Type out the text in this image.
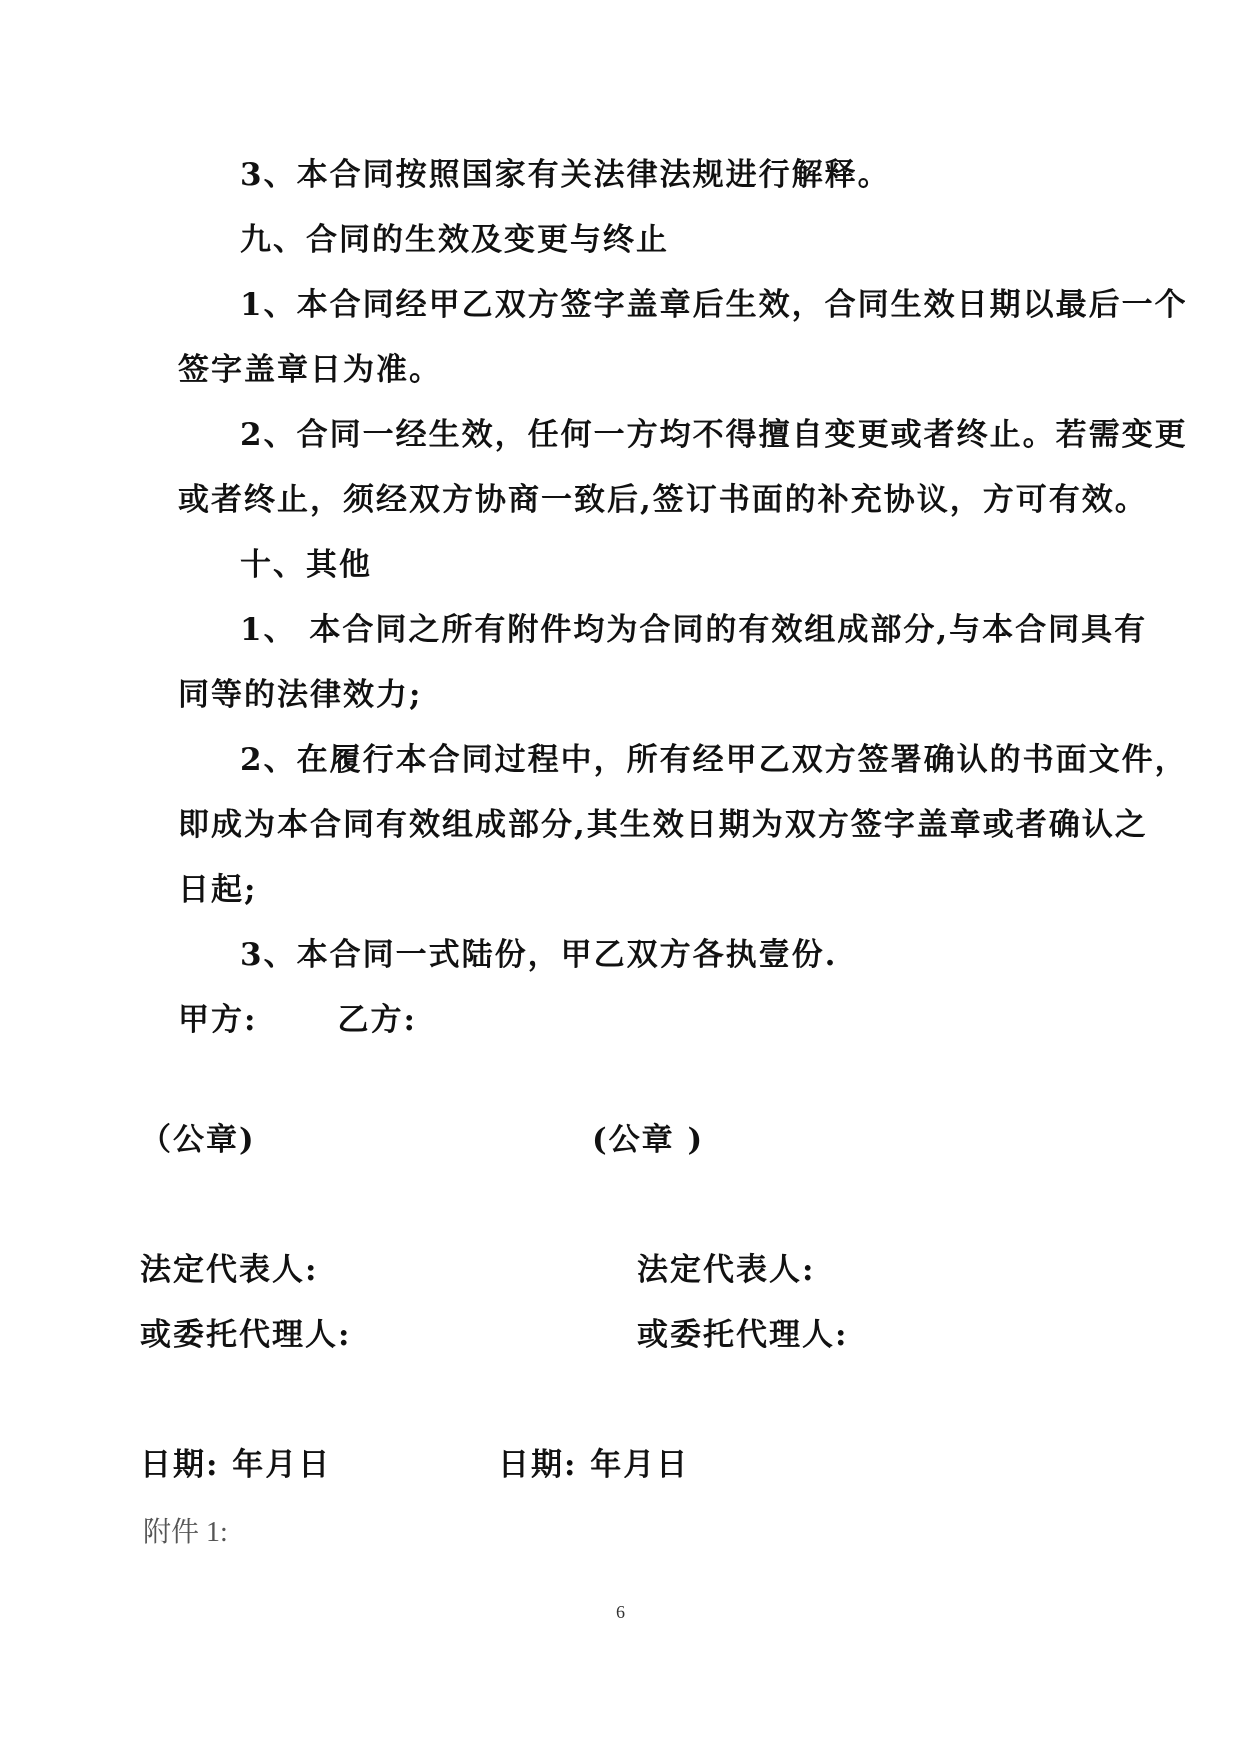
3、本合同按照国家有关法律法规进行解释。
九、合同的生效及变更与终止
1、本合同经甲乙双方签字盖章后生效，合同生效日期以最后一个
签字盖章日为准。
2、合同一经生效，任何一方均不得擅自变更或者终止。若需变更
或者终止，须经双方协商一致后,签订书面的补充协议，方可有效。
十、其他
1、 本合同之所有附件均为合同的有效组成部分,与本合同具有
同等的法律效力;
2、在履行本合同过程中，所有经甲乙双方签署确认的书面文件，
即成为本合同有效组成部分,其生效日期为双方签字盖章或者确认之
日起;
3、本合同一式陆份，甲乙双方各执壹份.
甲方:	乙方:
（公章)	(公章 )
法定代表人:	法定代表人:
或委托代理人:	或委托代理人:
日期: 年月日	日期: 年月日
附件 1:
6
